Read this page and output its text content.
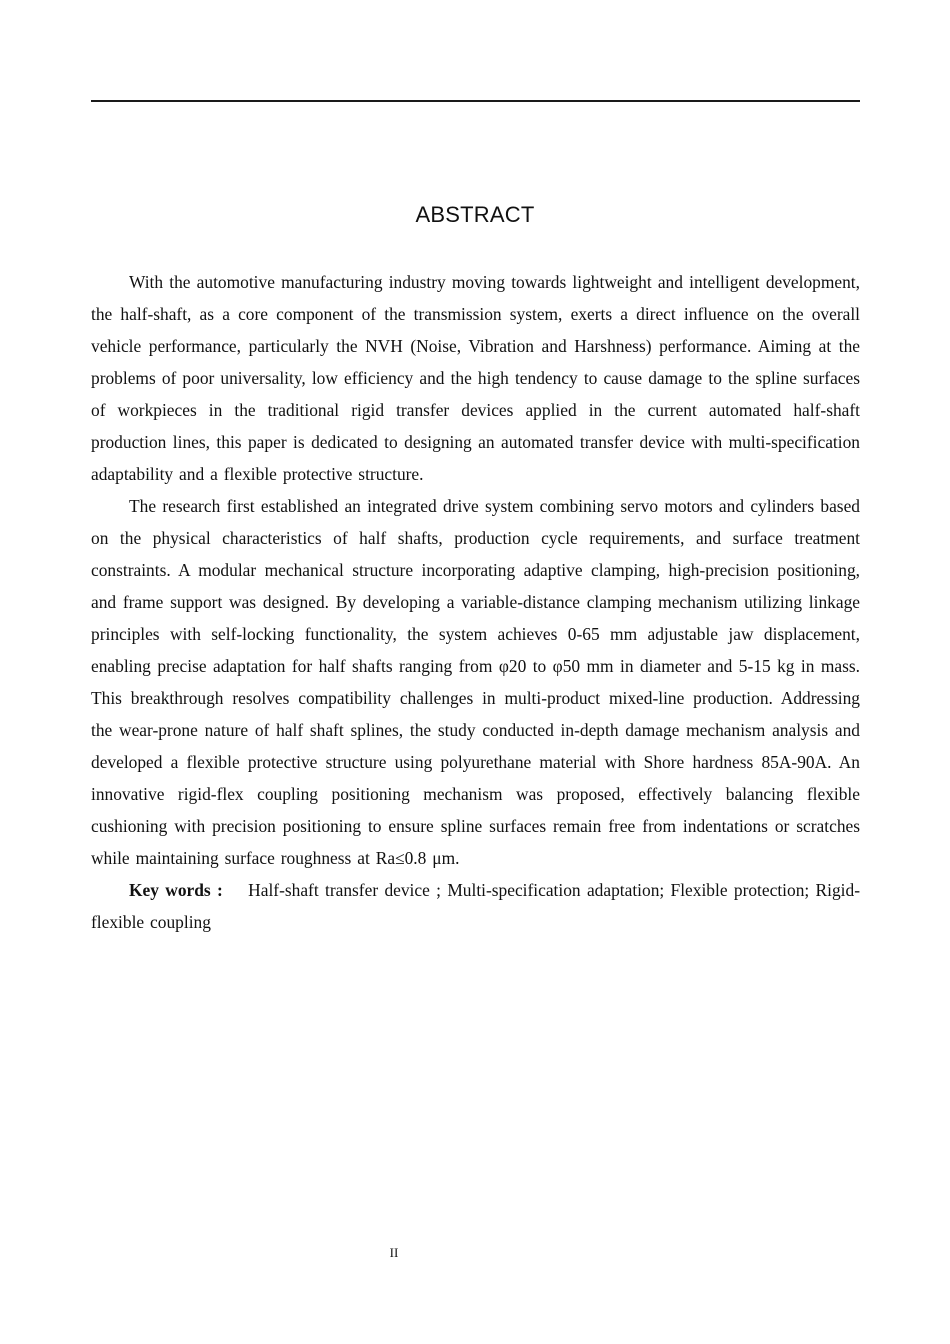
ABSTRACT

With the automotive manufacturing industry moving towards lightweight and intelligent development, the half-shaft, as a core component of the transmission system, exerts a direct influence on the overall vehicle performance, particularly the NVH (Noise, Vibration and Harshness) performance. Aiming at the problems of poor universality, low efficiency and the high tendency to cause damage to the spline surfaces of workpieces in the traditional rigid transfer devices applied in the current automated half-shaft production lines, this paper is dedicated to designing an automated transfer device with multi-specification adaptability and a flexible protective structure.

The research first established an integrated drive system combining servo motors and cylinders based on the physical characteristics of half shafts, production cycle requirements, and surface treatment constraints. A modular mechanical structure incorporating adaptive clamping, high-precision positioning, and frame support was designed. By developing a variable-distance clamping mechanism utilizing linkage principles with self-locking functionality, the system achieves 0-65 mm adjustable jaw displacement, enabling precise adaptation for half shafts ranging from φ20 to φ50 mm in diameter and 5-15 kg in mass. This breakthrough resolves compatibility challenges in multi-product mixed-line production. Addressing the wear-prone nature of half shaft splines, the study conducted in-depth damage mechanism analysis and developed a flexible protective structure using polyurethane material with Shore hardness 85A-90A. An innovative rigid-flex coupling positioning mechanism was proposed, effectively balancing flexible cushioning with precision positioning to ensure spline surfaces remain free from indentations or scratches while maintaining surface roughness at Ra≤0.8 μm.

Key words : Half-shaft transfer device ; Multi-specification adaptation; Flexible protection; Rigid-flexible coupling

II
